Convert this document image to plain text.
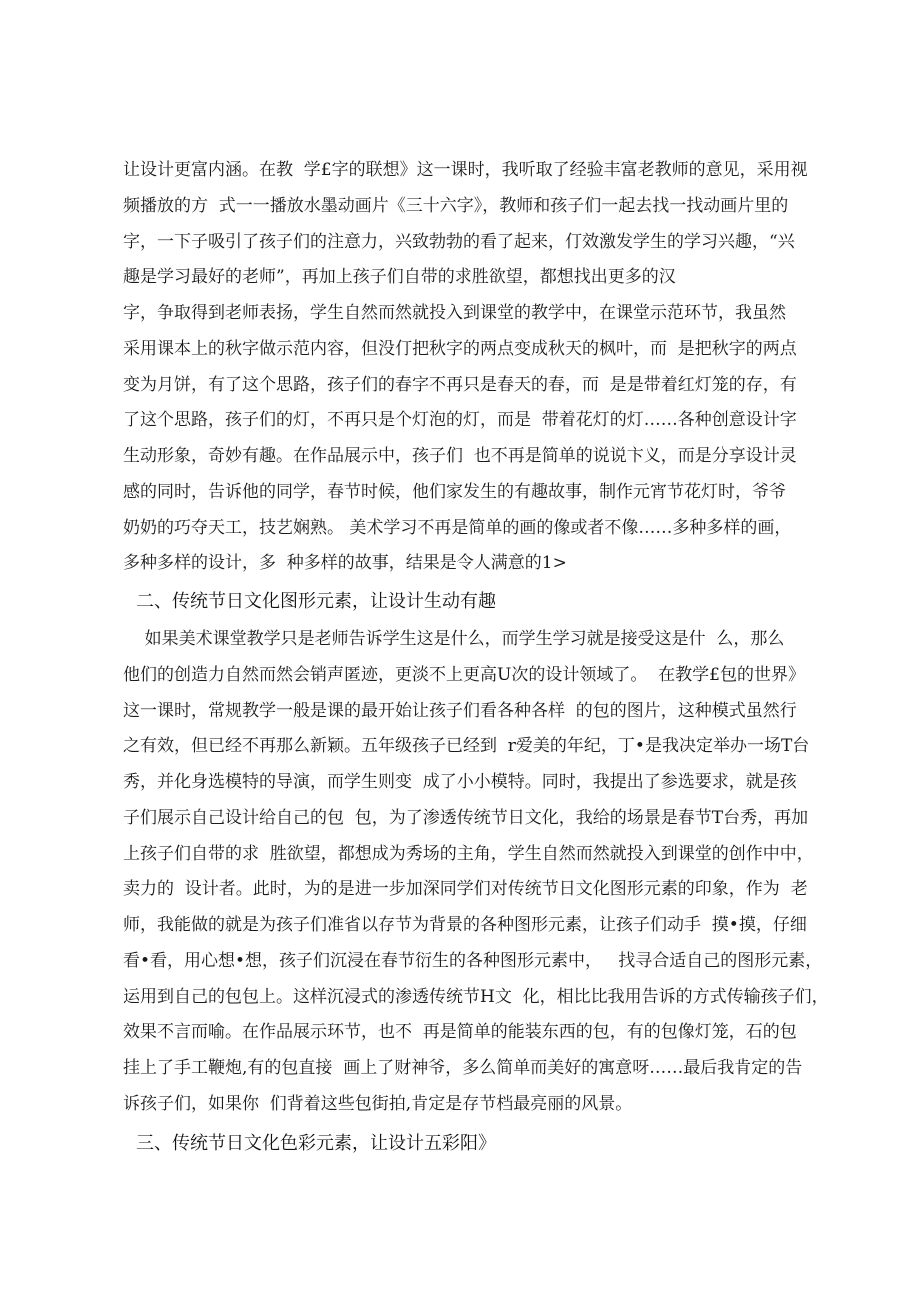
让设计更富内涵。在教  学£字的联想》这一课时，我听取了经验丰富老教师的意见，采用视
频播放的方  式一一播放水墨动画片《三十六字》，教师和孩子们一起去找一找动画片里的
字，一下子吸引了孩子们的注意力，兴致勃勃的看了起来，仃效激发学生的学习兴趣，“兴
趣是学习最好的老师”，再加上孩子们自带的求胜欲望，都想找出更多的汉
字，争取得到老师表扬，学生自然而然就投入到课堂的教学中，在课堂示范环节，我虽然
采用课本上的秋字做示范内容，但没仃把秋字的两点变成秋天的枫叶，而  是把秋字的两点
变为月饼，有了这个思路，孩子们的春字不再只是春天的春，而  是是带着红灯笼的存，有
了这个思路，孩子们的灯，不再只是个灯泡的灯，而是  带着花灯的灯……各种创意设计字
生动形象，奇妙有趣。在作品展示中，孩子们  也不再是简单的说说卞义，而是分享设计灵
感的同时，告诉他的同学，春节时候，他们家发生的有趣故事，制作元宵节花灯时，爷爷
奶奶的巧夺天工，技艺娴熟。 美术学习不再是简单的画的像或者不像……多种多样的画，
多种多样的设计，多  种多样的故事，结果是令人满意的1>
二、传统节日文化图形元素，让设计生动有趣
如果美术课堂教学只是老师告诉学生这是什么，而学生学习就是接受这是什  么，那么
他们的创造力自然而然会销声匿迹，更淡不上更高U次的设计领域了。  在教学£包的世界》
这一课时，常规教学一般是课的最开始让孩子们看各种各样  的包的图片，这种模式虽然行
之有效，但已经不再那么新颖。五年级孩子已经到  r爱美的年纪，丁•是我决定举办一场T台
秀，并化身选模特的导演，而学生则变  成了小小模特。同时，我提出了参选要求，就是孩
子们展示自己设计给自己的包  包，为了渗透传统节日文化，我给的场景是春节T台秀，再加
上孩子们自带的求  胜欲望，都想成为秀场的主角，学生自然而然就投入到课堂的创作中中，
卖力的  设计者。此时，为的是进一步加深同学们对传统节日文化图形元素的印象，作为  老
师，我能做的就是为孩子们准省以存节为背景的各种图形元素，让孩子们动手  摸•摸，仔细
看•看，用心想•想，孩子们沉浸在春节衍生的各种图形元素中，   找寻合适自己的图形元素，
运用到自己的包包上。这样沉浸式的渗透传统节H文  化，相比比我用告诉的方式传输孩子们，
效果不言而喻。在作品展示环节，也不  再是简单的能装东西的包，有的包像灯笼，石的包
挂上了手工鞭炮,有的包直接  画上了财神爷，多么简单而美好的寓意呀……最后我肯定的告
诉孩子们，如果你  们背着这些包街拍,肯定是存节档最亮丽的风景。
三、传统节日文化色彩元素，让设计五彩阳》
